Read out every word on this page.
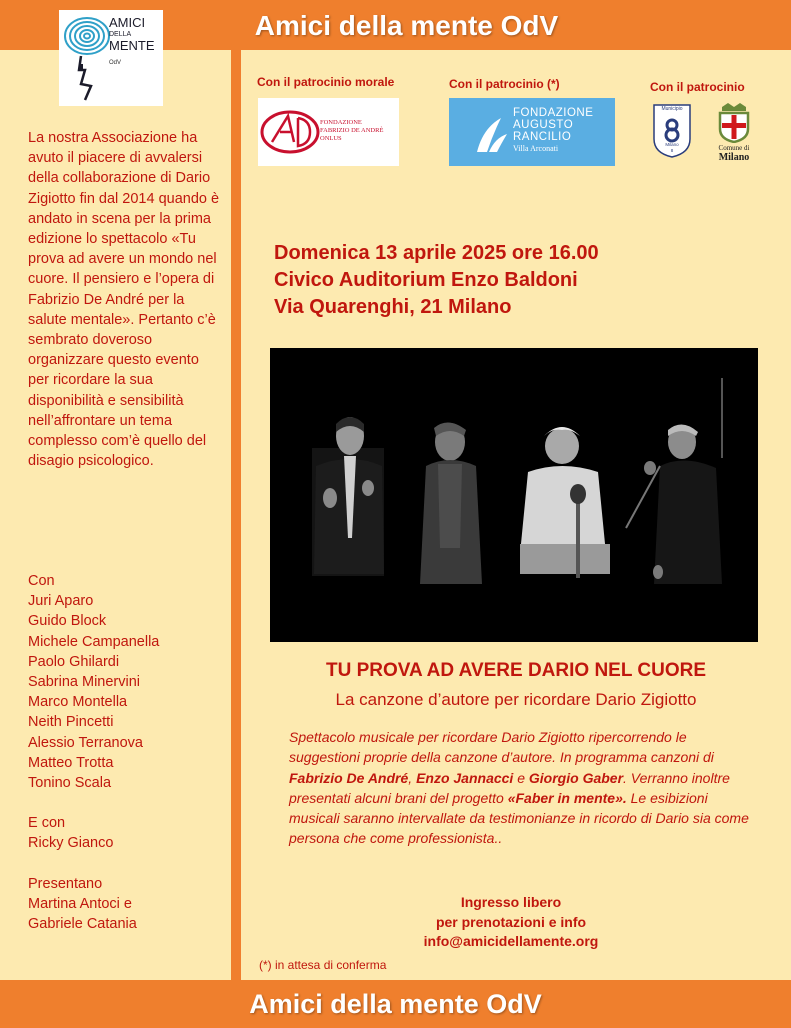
Amici della mente OdV
AMICI

DELLA
MENTE
OdV

La nostra Associazione ha avuto il piacere di avvalersi della collaborazione di Dario Zigiotto fin dal 2014 quando è andato in scena per la prima edizione lo spettacolo «Tu prova ad avere un mondo nel cuore. Il pensiero e l’opera di Fabrizio De André per la salute mentale». Pertanto c’è sembrato doveroso organizzare questo evento per ricordare la sua disponibilità e sensibilità nell’affrontare un tema complesso com’è quello del disagio psicologico.

Con
Juri Aparo
Guido Block
Michele Campanella
Paolo Ghilardi
Sabrina Minervini
Marco Montella
Neith Pincetti
Alessio Terranova
Matteo Trotta
Tonino Scala
E con
Ricky Gianco
Presentano
Martina Antoci e
Gabriele Catania
Con il patrocinio morale
FONDAZIONE
FABRIZIO DE ANDRÈ
ONLUS
Con il patrocinio (*)
FONDAZIONE
AUGUSTO
RANCILIO
Villa Arconati
Con il patrocinio
Municipio
Milano
8	Comune di
Milano
Domenica 13 aprile 2025 ore 16.00
Civico Auditorium Enzo Baldoni
Via Quarenghi, 21 Milano
TU PROVA AD AVERE DARIO NEL CUORE
La canzone d’autore per ricordare Dario Zigiotto
Spettacolo musicale per ricordare Dario Zigiotto ripercorrendo le suggestioni proprie della canzone d’autore. In programma canzoni di Fabrizio De André, Enzo Jannacci e Giorgio Gaber. Verranno inoltre presentati alcuni brani del progetto «Faber in mente». Le esibizioni musicali saranno intervallate da testimonianze in ricordo di Dario sia come persona che come professionista..
Ingresso libero
per prenotazioni e info
info@amicidellamente.org
(*) in attesa di conferma
Amici della mente OdV
